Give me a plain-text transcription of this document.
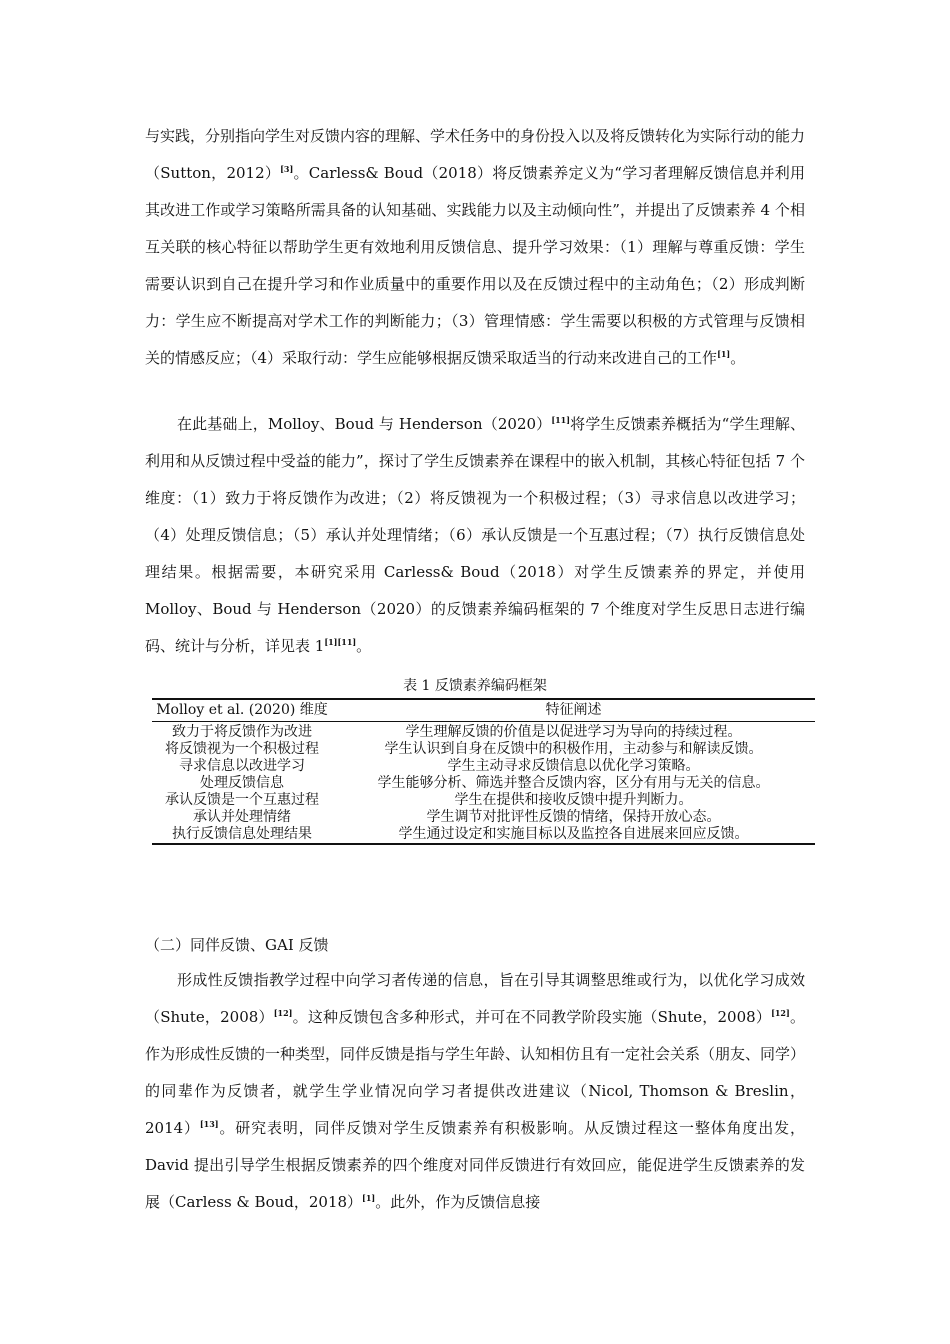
与实践，分别指向学生对反馈内容的理解、学术任务中的身份投入以及将反馈转化为实际行动的能力（Sutton，2012）[3]。Carless& Boud（2018）将反馈素养定义为“学习者理解反馈信息并利用其改进工作或学习策略所需具备的认知基础、实践能力以及主动倾向性”，并提出了反馈素养 4 个相互关联的核心特征以帮助学生更有效地利用反馈信息、提升学习效果：（1）理解与尊重反馈：学生需要认识到自己在提升学习和作业质量中的重要作用以及在反馈过程中的主动角色；（2）形成判断力：学生应不断提高对学术工作的判断能力；（3）管理情感：学生需要以积极的方式管理与反馈相关的情感反应；（4）采取行动：学生应能够根据反馈采取适当的行动来改进自己的工作[1]。

在此基础上，Molloy、Boud 与 Henderson（2020）[11]将学生反馈素养概括为“学生理解、利用和从反馈过程中受益的能力”，探讨了学生反馈素养在课程中的嵌入机制，其核心特征包括 7 个维度：（1）致力于将反馈作为改进；（2）将反馈视为一个积极过程；（3）寻求信息以改进学习；（4）处理反馈信息；（5）承认并处理情绪；（6）承认反馈是一个互惠过程；（7）执行反馈信息处理结果。根据需要，本研究采用 Carless& Boud（2018）对学生反馈素养的界定，并使用 Molloy、Boud 与 Henderson（2020）的反馈素养编码框架的 7 个维度对学生反思日志进行编码、统计与分析，详见表 1[1][11]。

表 1 反馈素养编码框架
Molloy et al. (2020) 维度	特征阐述
致力于将反馈作为改进	学生理解反馈的价值是以促进学习为导向的持续过程。
将反馈视为一个积极过程	学生认识到自身在反馈中的积极作用，主动参与和解读反馈。
寻求信息以改进学习	学生主动寻求反馈信息以优化学习策略。
处理反馈信息	学生能够分析、筛选并整合反馈内容，区分有用与无关的信息。
承认反馈是一个互惠过程	学生在提供和接收反馈中提升判断力。
承认并处理情绪	学生调节对批评性反馈的情绪，保持开放心态。
执行反馈信息处理结果	学生通过设定和实施目标以及监控各自进展来回应反馈。
（二）同伴反馈、GAI 反馈

形成性反馈指教学过程中向学习者传递的信息，旨在引导其调整思维或行为，以优化学习成效（Shute，2008）[12]。这种反馈包含多种形式，并可在不同教学阶段实施（Shute，2008）[12]。作为形成性反馈的一种类型，同伴反馈是指与学生年龄、认知相仿且有一定社会关系（朋友、同学）的同辈作为反馈者，就学生学业情况向学习者提供改进建议（Nicol, Thomson & Breslin，2014）[13]。研究表明，同伴反馈对学生反馈素养有积极影响。从反馈过程这一整体角度出发，David 提出引导学生根据反馈素养的四个维度对同伴反馈进行有效回应，能促进学生反馈素养的发展（Carless & Boud，2018）[1]。此外，作为反馈信息接
